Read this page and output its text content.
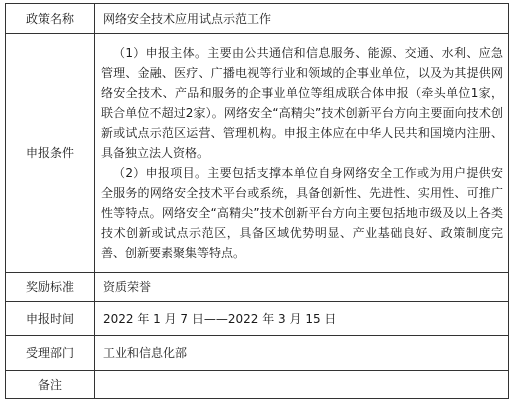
政策名称	网络安全技术应用试点示范工作
申报条件	（1）申报主体。主要由公共通信和信息服务、能源、交通、水利、应急管理、金融、医疗、广播电视等行业和领域的企事业单位，以及为其提供网络安全技术、产品和服务的企事业单位等组成联合体申报（牵头单位1家，联合单位不超过2家）。网络安全“高精尖”技术创新平台方向主要面向技术创新或试点示范区运营、管理机构。申报主体应在中华人民共和国境内注册、具备独立法人资格。

（2）申报项目。主要包括支撑本单位自身网络安全工作或为用户提供安全服务的网络安全技术平台或系统，具备创新性、先进性、实用性、可推广性等特点。网络安全“高精尖”技术创新平台方向主要包括地市级及以上各类技术创新或试点示范区，具备区域优势明显、产业基础良好、政策制度完善、创新要素聚集等特点。

奖励标准	资质荣誉
申报时间	2022 年 1 月 7 日——2022 年 3 月 15 日
受理部门	工业和信息化部
备注	
